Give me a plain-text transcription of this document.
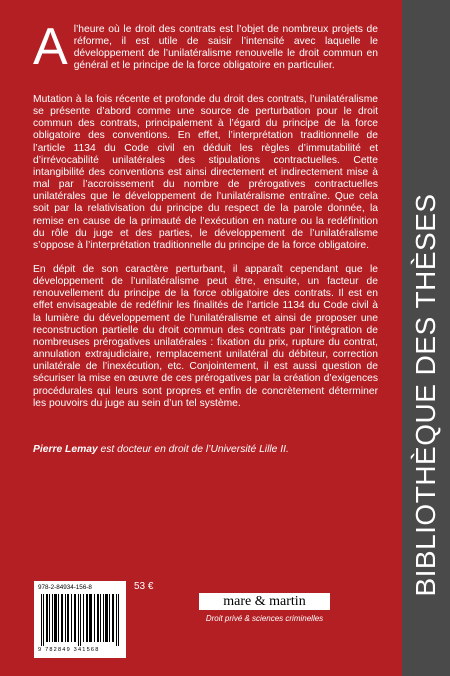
Al’heure où le droit des contrats est l’objet de nombreux projets de réforme, il est utile de saisir l’intensité avec laquelle le développement de l’unilatéralisme renouvelle le droit commun en général et le principe de la force obligatoire en particulier.

Mutation à la fois récente et profonde du droit des contrats, l’unilatéralisme se présente d’abord comme une source de perturbation pour le droit commun des contrats, principalement à l’égard du principe de la force obligatoire des conventions. En effet, l’interprétation traditionnelle de l’article 1134 du Code civil en déduit les règles d’immutabilité et d’irrévocabilité unilatérales des stipulations contractuelles. Cette intangibilité des conventions est ainsi directement et indirectement mise à mal par l’accroissement du nombre de prérogatives contractuelles unilatérales que le développement de l’unilatéralisme entraîne. Que cela soit par la relativisation du principe du respect de la parole donnée, la remise en cause de la primauté de l’exécution en nature ou la redéfinition du rôle du juge et des parties, le développement de l’unilatéralisme s’oppose à l’interprétation traditionnelle du principe de la force obligatoire.

En dépit de son caractère perturbant, il apparaît cependant que le développement de l’unilatéralisme peut être, ensuite, un facteur de renouvellement du principe de la force obligatoire des contrats. Il est en effet envisageable de redéfinir les finalités de l’article 1134 du Code civil à la lumière du développement de l’unilatéralisme et ainsi de proposer une reconstruction partielle du droit commun des contrats par l’intégration de nombreuses prérogatives unilatérales : fixation du prix, rupture du contrat, annulation extrajudiciaire, remplacement unilatéral du débiteur, correction unilatérale de l’inexécution, etc. Conjointement, il est aussi question de sécuriser la mise en œuvre de ces prérogatives par la création d’exigences procédurales qui leurs sont propres et enfin de concrètement déterminer les pouvoirs du juge au sein d’un tel système.

Pierre Lemay est docteur en droit de l’Université Lille II.
978-2-84934-156-8
9 782849 341568
53 €
mare & martin
Droit privé & sciences criminelles
BIBLIOTHÈQUE DES THÈSES
